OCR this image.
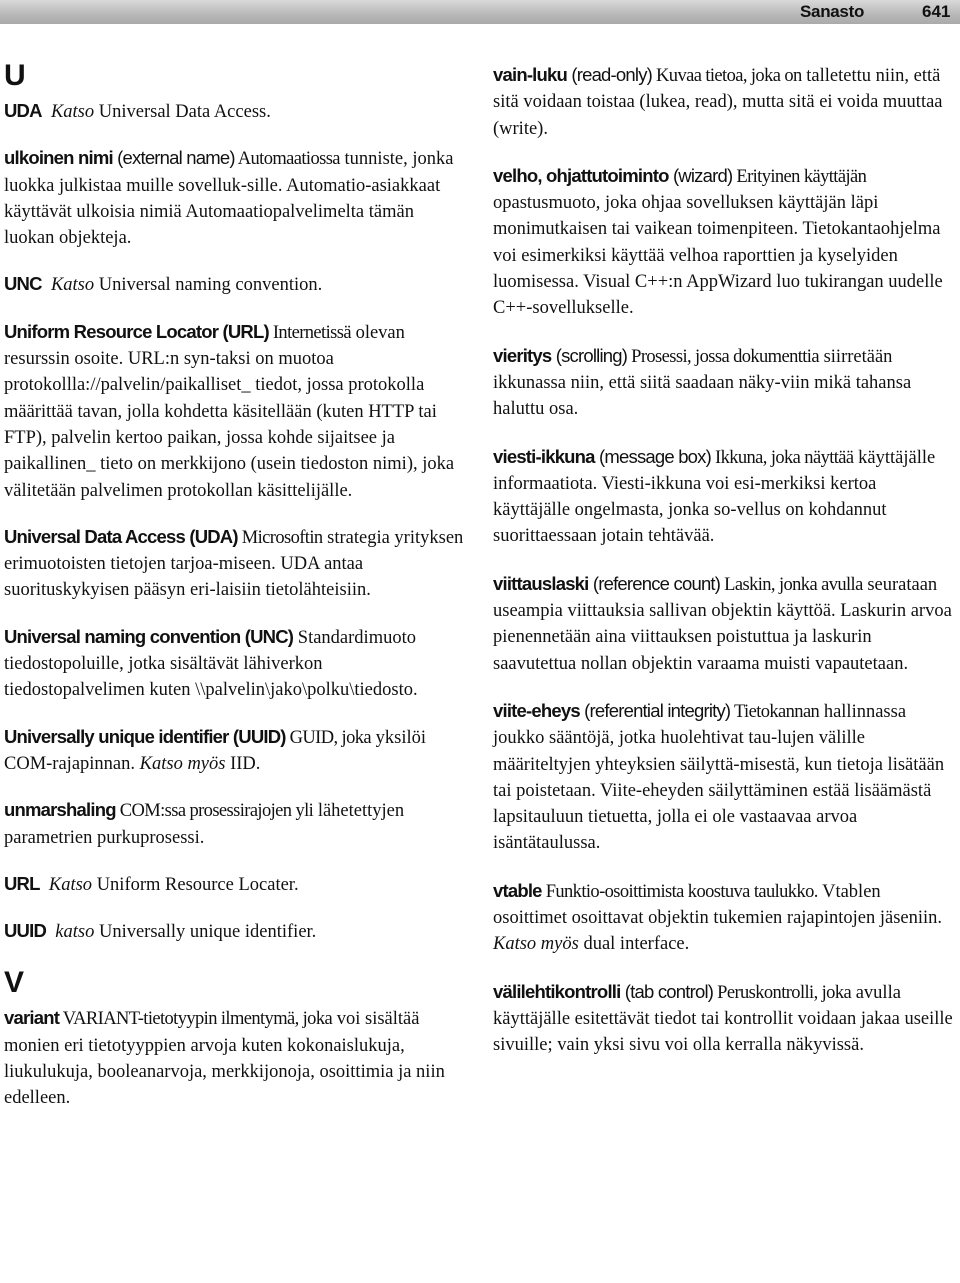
Sanasto	641
U

UDA Katso Universal Data Access.

ulkoinen nimi (external name) Automaatiossa tunniste, jonka luokka julkistaa muille sovelluk-sille. Automatio-asiakkaat käyttävät ulkoisia nimiä Automaatiopalvelimelta tämän luokan objekteja.

UNC Katso Universal naming convention.

Uniform Resource Locator (URL) Internetissä olevan resurssin osoite. URL:n syn-taksi on muotoa protokollla://palvelin/paikalliset_ tiedot, jossa protokolla määrittää tavan, jolla kohdetta käsitellään (kuten HTTP tai FTP), palvelin kertoo paikan, jossa kohde sijaitsee ja paikallinen_ tieto on merkkijono (usein tiedoston nimi), joka välitetään palvelimen protokollan käsittelijälle.

Universal Data Access (UDA) Microsoftin strategia yrityksen erimuotoisten tietojen tarjoa-miseen. UDA antaa suorituskykyisen pääsyn eri-laisiin tietolähteisiin.

Universal naming convention (UNC) Standardimuoto tiedostopoluille, jotka sisältävät lähiverkon tiedostopalvelimen kuten \\palvelin\jako\polku\tiedosto.

Universally unique identifier (UUID) GUID, joka yksilöi COM-rajapinnan. Katso myös IID.

unmarshaling COM:ssa prosessirajojen yli lähetettyjen parametrien purkuprosessi.

URL Katso Uniform Resource Locater.

UUID katso Universally unique identifier.

V

variant VARIANT-tietotyypin ilmentymä, joka voi sisältää monien eri tietotyyppien arvoja kuten kokonaislukuja, liukulukuja, booleanarvoja, merkkijonoja, osoittimia ja niin edelleen.

vain-luku (read-only) Kuvaa tietoa, joka on talletettu niin, että sitä voidaan toistaa (lukea, read), mutta sitä ei voida muuttaa (write).

velho, ohjattutoiminto (wizard) Erityinen käyttäjän opastusmuoto, joka ohjaa sovelluksen käyttäjän läpi monimutkaisen tai vaikean toimenpiteen. Tietokantaohjelma voi esimerkiksi käyttää velhoa raporttien ja kyselyiden luomisessa. Visual C++:n AppWizard luo tukirangan uudelle C++-sovellukselle.

vieritys (scrolling) Prosessi, jossa dokumenttia siirretään ikkunassa niin, että siitä saadaan näky-viin mikä tahansa haluttu osa.

viesti-ikkuna (message box) Ikkuna, joka näyttää käyttäjälle informaatiota. Viesti-ikkuna voi esi-merkiksi kertoa käyttäjälle ongelmasta, jonka so-vellus on kohdannut suorittaessaan jotain tehtävää.

viittauslaski (reference count) Laskin, jonka avulla seurataan useampia viittauksia sallivan objektin käyttöä. Laskurin arvoa pienennetään aina viittauksen poistuttua ja laskurin saavutettua nollan objektin varaama muisti vapautetaan.

viite-eheys (referential integrity) Tietokannan hallinnassa joukko sääntöjä, jotka huolehtivat tau-lujen välille määriteltyjen yhteyksien säilyttä-misestä, kun tietoja lisätään tai poistetaan. Viite-eheyden säilyttäminen estää lisäämästä lapsitauluun tietuetta, jolla ei ole vastaavaa arvoa isäntätaulussa.

vtable Funktio-osoittimista koostuva taulukko. Vtablen osoittimet osoittavat objektin tukemien rajapintojen jäseniin. Katso myös dual interface.

välilehtikontrolli (tab control) Peruskontrolli, joka avulla käyttäjälle esitettävät tiedot tai kontrollit voidaan jakaa useille sivuille; vain yksi sivu voi olla kerralla näkyvissä.
